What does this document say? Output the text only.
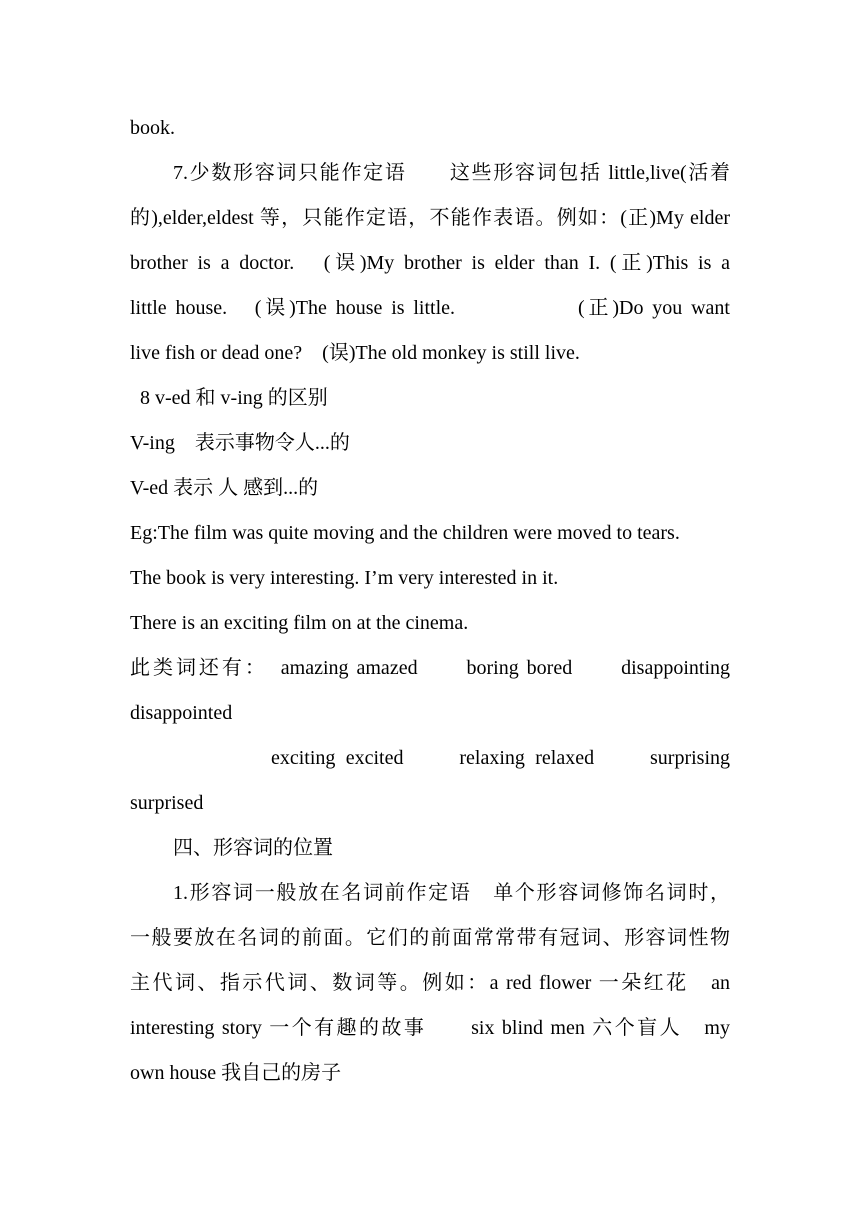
book.
7.少数形容词只能作定语　　这些形容词包括 little,live(活着
的),elder,eldest 等，只能作定语，不能作表语。例如：(正)My elder
brother is a doctor.　(误)My brother is elder than I. (正)This is a
little house.　(误)The house is little.　　　　　(正)Do you want
live fish or dead one?　(误)The old monkey is still live.
8 v-ed 和 v-ing 的区别
V-ing　表示事物令人...的
V-ed 表示 人 感到...的
Eg:The film was quite moving and the children were moved to tears.
The book is very interesting. I’m very interested in it.
There is an exciting film on at the cinema.
此类词还有：　amazing amazed　　boring bored　　disappointing
disappointed
exciting excited　　relaxing relaxed　　surprising
surprised
四、形容词的位置
1.形容词一般放在名词前作定语　单个形容词修饰名词时，
一般要放在名词的前面。它们的前面常常带有冠词、形容词性物
主代词、指示代词、数词等。例如：a red flower 一朵红花　an
interesting story 一个有趣的故事　　six blind men 六个盲人　my
own house 我自己的房子
